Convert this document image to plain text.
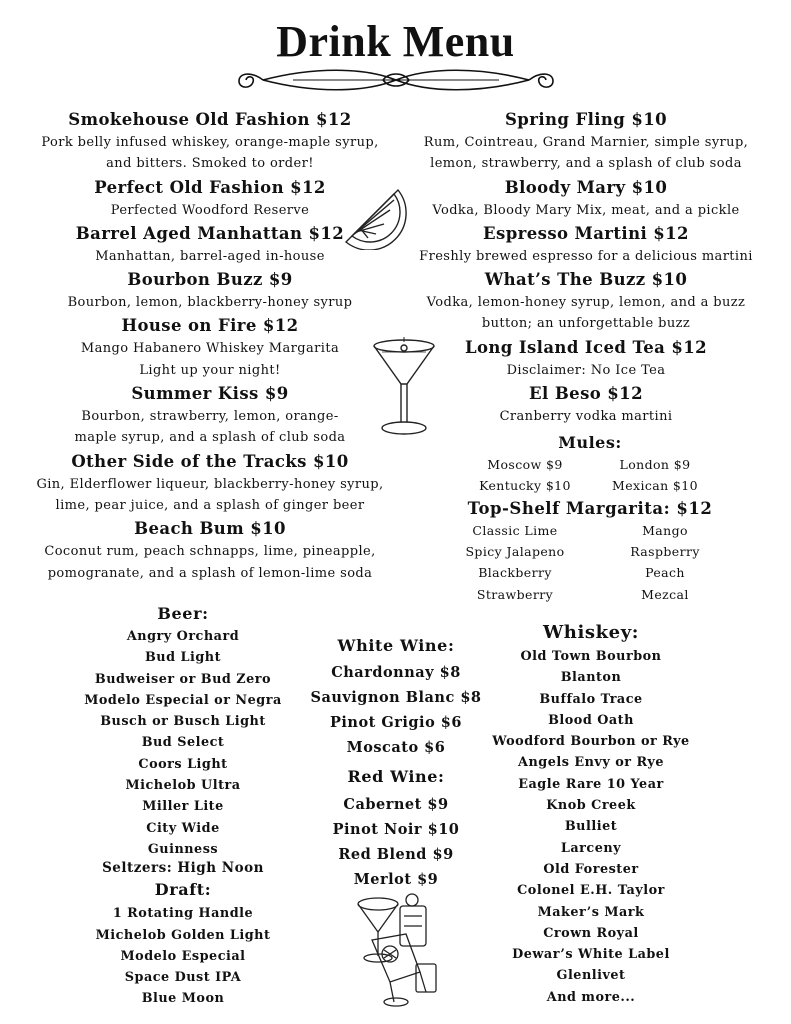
Drink Menu
Smokehouse Old Fashion $12
Pork belly infused whiskey, orange-maple syrup,
and bitters. Smoked to order!
Perfect Old Fashion $12
Perfected Woodford Reserve
Barrel Aged Manhattan $12
Manhattan, barrel-aged in-house
Bourbon Buzz $9
Bourbon, lemon, blackberry-honey syrup
House on Fire $12
Mango Habanero Whiskey Margarita
Light up your night!
Summer Kiss $9
Bourbon, strawberry, lemon, orange-
maple syrup, and a splash of club soda
Other Side of the Tracks $10
Gin, Elderflower liqueur, blackberry-honey syrup,
lime, pear juice, and a splash of ginger beer
Beach Bum $10
Coconut rum, peach schnapps, lime, pineapple,
pomogranate, and a splash of lemon-lime soda
Spring Fling $10
Rum, Cointreau, Grand Marnier, simple syrup,
lemon, strawberry, and a splash of club soda
Bloody Mary $10
Vodka, Bloody Mary Mix, meat, and a pickle
Espresso Martini $12
Freshly brewed espresso for a delicious martini
What’s The Buzz $10
Vodka, lemon-honey syrup, lemon, and a buzz
button; an unforgettable buzz
Long Island Iced Tea $12
Disclaimer: No Ice Tea
El Beso $12
Cranberry vodka martini
Mules:
Moscow $9	London $9
Kentucky $10	Mexican $10
Top-Shelf Margarita: $12
Classic Lime	Mango
Spicy Jalapeno	Raspberry
Blackberry	Peach
Strawberry	Mezcal
Beer:
Angry Orchard
Bud Light
Budweiser or Bud Zero
Modelo Especial or Negra
Busch or Busch Light
Bud Select
Coors Light
Michelob Ultra
Miller Lite
City Wide
Guinness
Seltzers: High Noon
Draft:
1 Rotating Handle
Michelob Golden Light
Modelo Especial
Space Dust IPA
Blue Moon
White Wine:
Chardonnay $8
Sauvignon Blanc $8
Pinot Grigio $6
Moscato $6
Red Wine:
Cabernet $9
Pinot Noir $10
Red Blend $9
Merlot $9
Whiskey:
Old Town Bourbon
Blanton
Buffalo Trace
Blood Oath
Woodford Bourbon or Rye
Angels Envy or Rye
Eagle Rare 10 Year
Knob Creek
Bulliet
Larceny
Old Forester
Colonel E.H. Taylor
Maker’s Mark
Crown Royal
Dewar’s White Label
Glenlivet
And more...
